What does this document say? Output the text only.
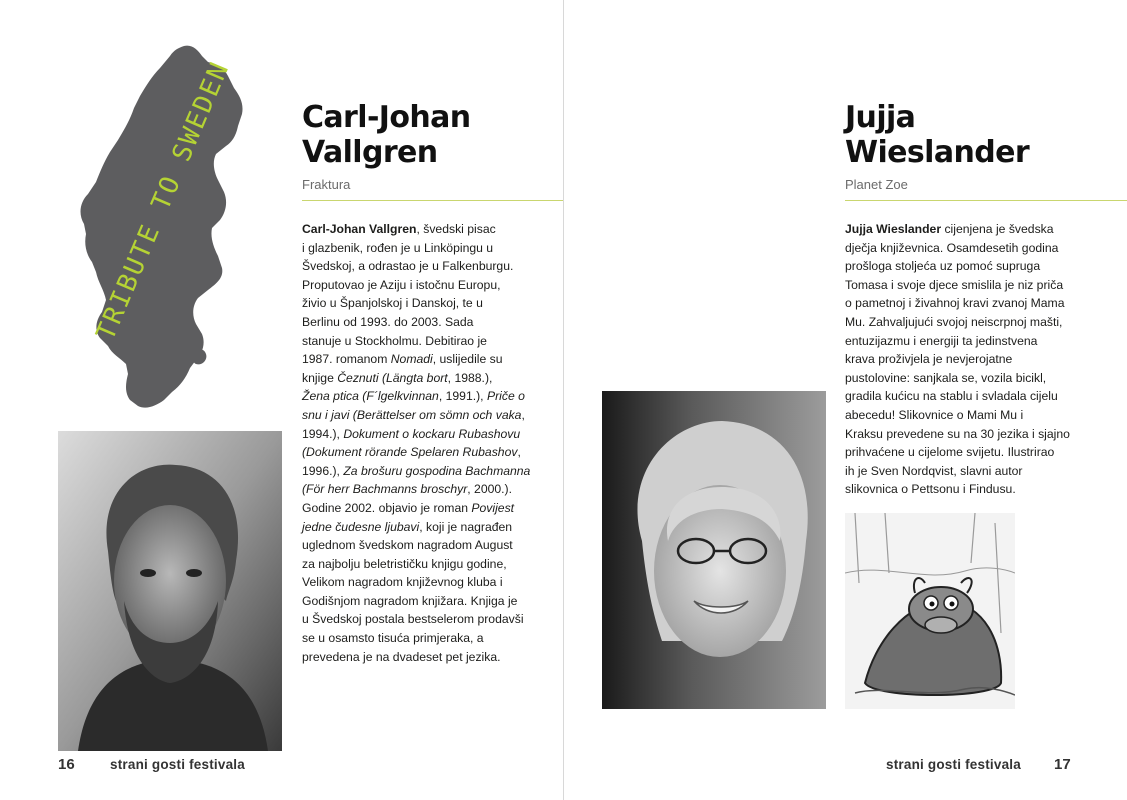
TRIBUTE TO SWEDEN Carl-Johan
Vallgren
Fraktura
Carl-Johan Vallgren, švedski pisac
i glazbenik, rođen je u Linköpingu u
Švedskoj, a odrastao je u Falkenburgu.
Proputovao je Aziju i istočnu Europu,
živio u Španjolskoj i Danskoj, te u
Berlinu od 1993. do 2003. Sada
stanuje u Stockholmu. Debitirao je
1987. romanom Nomadi, uslijedile su
knjige Čeznuti (Längta bort, 1988.),
Žena ptica (F´lgelkvinnan, 1991.), Priče o
snu i javi (Berättelser om sömn och vaka,
1994.), Dokument o kockaru Rubashovu
(Dokument rörande Spelaren Rubashov,
1996.), Za brošuru gospodina Bachmanna
(För herr Bachmanns broschyr, 2000.).
Godine 2002. objavio je roman Povijest
jedne čudesne ljubavi, koji je nagrađen
uglednom švedskom nagradom August
za najbolju beletrističku knjigu godine,
Velikom nagradom književnog kluba i
Godišnjom nagradom knjižara. Knjiga je
u Švedskoj postala bestselerom prodavši
se u osamsto tisuća primjeraka, a
prevedena je na dvadeset pet jezika.
16	strani gosti festivala
Jujja
Wieslander
Planet Zoe
Jujja Wieslander cijenjena je švedska
dječja književnica. Osamdesetih godina
prošloga stoljeća uz pomoć supruga
Tomasa i svoje djece smislila je niz priča
o pametnoj i živahnoj kravi zvanoj Mama
Mu. Zahvaljujući svojoj neiscrpnoj mašti,
entuzijazmu i energiji ta jedinstvena
krava proživjela je nevjerojatne
pustolovine: sanjkala se, vozila bicikl,
gradila kućicu na stablu i svladala cijelu
abecedu! Slikovnice o Mami Mu i
Kraksu prevedene su na 30 jezika i sjajno
prihvaćene u cijelome svijetu. Ilustrirao
ih je Sven Nordqvist, slavni autor
slikovnica o Pettsonu i Findusu.
strani gosti festivala 17
